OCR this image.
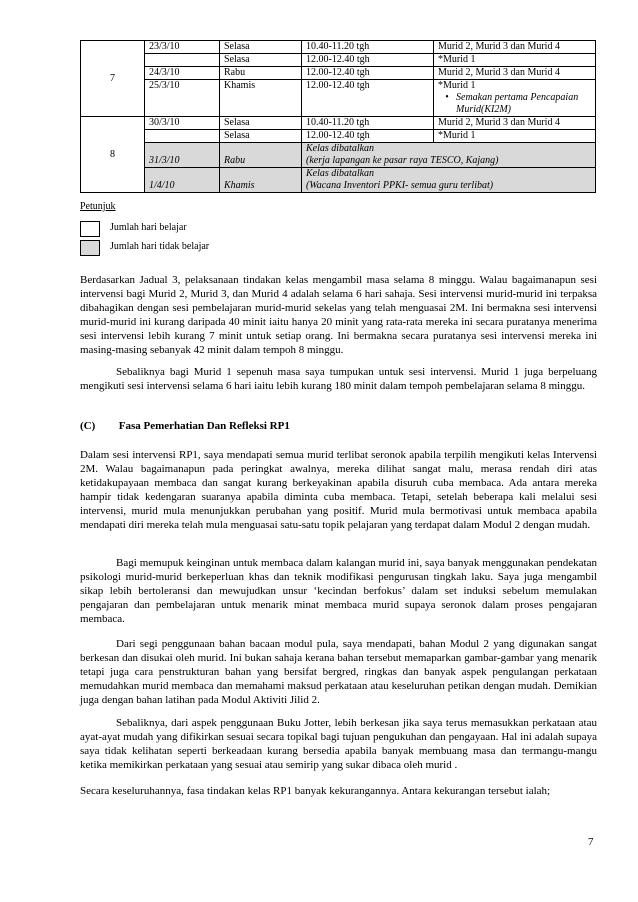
7	23/3/10	Selasa	10.40-11.20 tgh	Murid 2, Murid 3 dan Murid 4
		Selasa	12.00-12.40 tgh	*Murid 1
	24/3/10	Rabu	12.00-12.40 tgh	Murid 2, Murid 3 dan Murid 4
	25/3/10	Khamis	12.00-12.40 tgh	*Murid 1
• Semakan pertama Pencapaian Murid(KI2M)

8	30/3/10	Selasa	10.40-11.20 tgh	Murid 2, Murid 3 dan Murid 4
		Selasa	12.00-12.40 tgh	*Murid 1
	31/3/10	Rabu	Kelas dibatalkan
(kerja lapangan ke pasar raya TESCO, Kajang)	

	1/4/10	Khamis	Kelas dibatalkan
(Wacana Inventori PPKI- semua guru terlibat)	
Petunjuk
Jumlah hari belajar
Jumlah hari tidak belajar
Berdasarkan Jadual 3, pelaksanaan tindakan kelas mengambil masa selama 8 minggu. Walau bagaimanapun sesi intervensi bagi Murid 2, Murid 3, dan Murid 4 adalah selama 6 hari sahaja. Sesi intervensi murid-murid ini terpaksa dibahagikan dengan sesi pembelajaran murid-murid sekelas yang telah menguasai 2M. Ini bermakna sesi intervensi murid-murid ini kurang daripada 40 minit iaitu hanya 20 minit yang rata-rata mereka ini secara puratanya menerima sesi intervensi lebih kurang 7 minit untuk setiap orang. Ini bermakna secara puratanya sesi intervensi mereka ini masing-masing sebanyak 42 minit dalam tempoh 8 minggu.
Sebaliknya bagi Murid 1 sepenuh masa saya tumpukan untuk sesi intervensi. Murid 1 juga berpeluang mengikuti sesi intervensi selama 6 hari iaitu lebih kurang 180 minit dalam tempoh pembelajaran selama 8 minggu.
(C) Fasa Pemerhatian Dan Refleksi RP1
Dalam sesi intervensi RP1, saya mendapati semua murid terlibat seronok apabila terpilih mengikuti kelas Intervensi 2M. Walau bagaimanapun pada peringkat awalnya, mereka dilihat sangat malu, merasa rendah diri atas ketidakupayaan membaca dan sangat kurang berkeyakinan apabila disuruh cuba membaca. Ada antara mereka hampir tidak kedengaran suaranya apabila diminta cuba membaca. Tetapi, setelah beberapa kali melalui sesi intervensi, murid mula menunjukkan perubahan yang positif. Murid mula bermotivasi untuk membaca apabila mendapati diri mereka telah mula menguasai satu-satu topik pelajaran yang terdapat dalam Modul 2 dengan mudah.
Bagi memupuk keinginan untuk membaca dalam kalangan murid ini, saya banyak menggunakan pendekatan psikologi murid-murid berkeperluan khas dan teknik modifikasi pengurusan tingkah laku. Saya juga mengambil sikap lebih bertoleransi dan mewujudkan unsur ‘kecindan berfokus’ dalam set induksi sebelum memulakan pengajaran dan pembelajaran untuk menarik minat membaca murid supaya seronok dalam proses pengajaran membaca.
Dari segi penggunaan bahan bacaan modul pula, saya mendapati, bahan Modul 2 yang digunakan sangat berkesan dan disukai oleh murid. Ini bukan sahaja kerana bahan tersebut memaparkan gambar-gambar yang menarik tetapi juga cara penstrukturan bahan yang bersifat bergred, ringkas dan banyak aspek pengulangan perkataan memudahkan murid membaca dan memahami maksud perkataan atau keseluruhan petikan dengan mudah. Demikian juga dengan bahan latihan pada Modul Aktiviti Jilid 2.
Sebaliknya, dari aspek penggunaan Buku Jotter, lebih berkesan jika saya terus memasukkan perkataan atau ayat-ayat mudah yang difikirkan sesuai secara topikal bagi tujuan pengukuhan dan pengayaan. Hal ini adalah supaya saya tidak kelihatan seperti berkeadaan kurang bersedia apabila banyak membuang masa dan termangu-mangu ketika memikirkan perkataan yang sesuai atau semirip yang sukar dibaca oleh murid .
Secara keseluruhannya, fasa tindakan kelas RP1 banyak kekurangannya. Antara kekurangan tersebut ialah;
7
